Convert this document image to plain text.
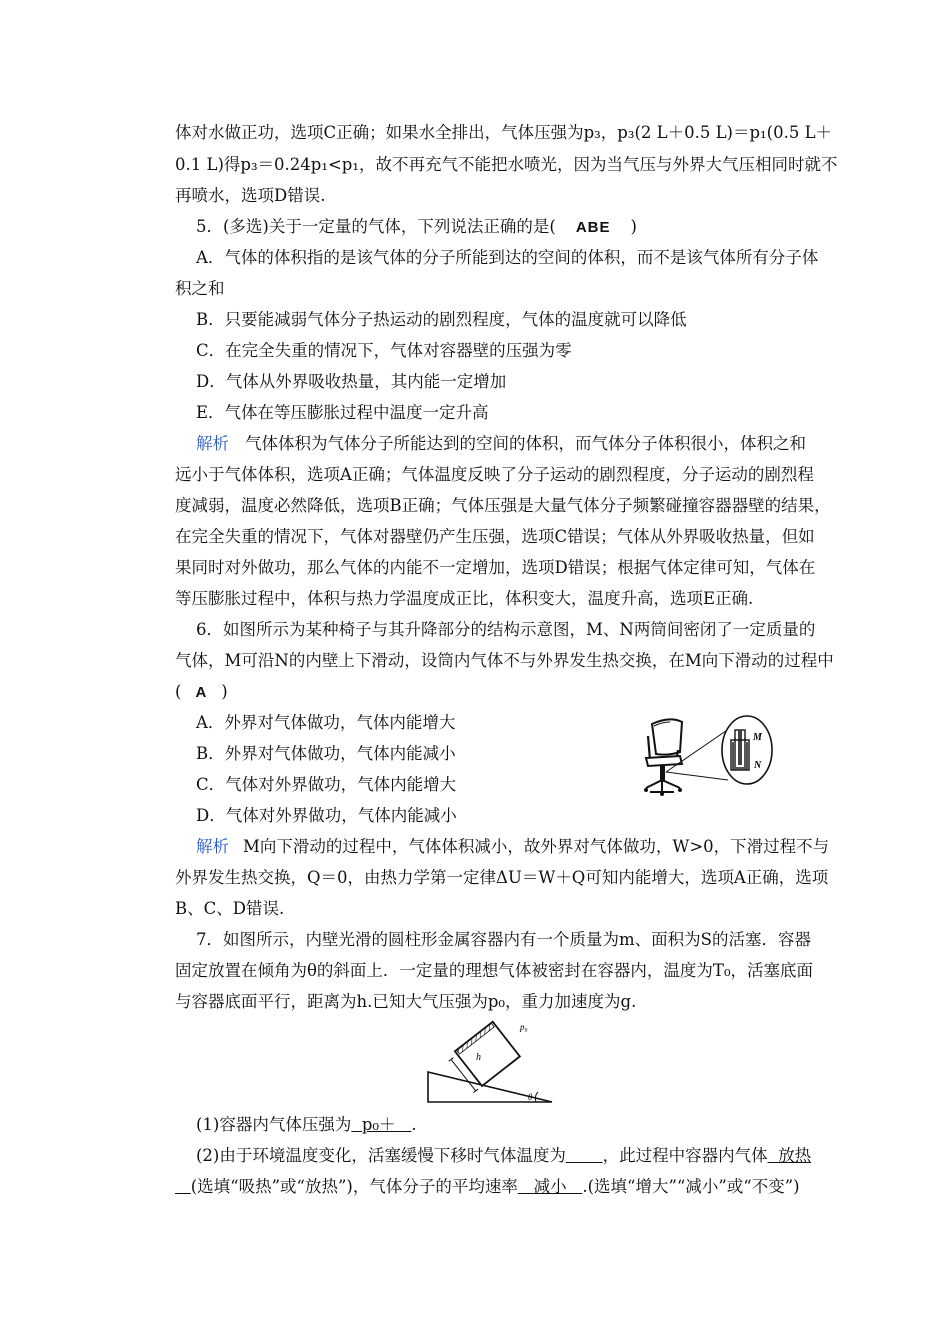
体对水做正功，选项C正确；如果水全排出，气体压强为p₃，p₃(2 L＋0.5 L)＝p₁(0.5 L＋
0.1 L)得p₃＝0.24p₁<p₁，故不再充气不能把水喷光，因为当气压与外界大气压相同时就不
再喷水，选项D错误.
5．(多选)关于一定量的气体，下列说法正确的是( ABE )
A．气体的体积指的是该气体的分子所能到达的空间的体积，而不是该气体所有分子体
积之和
B．只要能减弱气体分子热运动的剧烈程度，气体的温度就可以降低
C．在完全失重的情况下，气体对容器壁的压强为零
D．气体从外界吸收热量，其内能一定增加
E．气体在等压膨胀过程中温度一定升高
解析 气体体积为气体分子所能达到的空间的体积，而气体分子体积很小，体积之和
远小于气体体积，选项A正确；气体温度反映了分子运动的剧烈程度，分子运动的剧烈程
度减弱，温度必然降低，选项B正确；气体压强是大量气体分子频繁碰撞容器器壁的结果，
在完全失重的情况下，气体对器壁仍产生压强，选项C错误；气体从外界吸收热量，但如
果同时对外做功，那么气体的内能不一定增加，选项D错误；根据气体定律可知，气体在
等压膨胀过程中，体积与热力学温度成正比，体积变大，温度升高，选项E正确.
6．如图所示为某种椅子与其升降部分的结构示意图，M、N两筒间密闭了一定质量的
气体，M可沿N的内壁上下滑动，设筒内气体不与外界发生热交换，在M向下滑动的过程中
( A )
A．外界对气体做功，气体内能增大
B．外界对气体做功，气体内能减小
C．气体对外界做功，气体内能增大
D．气体对外界做功，气体内能减小
M
N
解析 M向下滑动的过程中，气体体积减小，故外界对气体做功，W>0，下滑过程不与
外界发生热交换，Q＝0，由热力学第一定律ΔU＝W＋Q可知内能增大，选项A正确，选项
B、C、D错误.
7．如图所示，内壁光滑的圆柱形金属容器内有一个质量为m、面积为S的活塞．容器
固定放置在倾角为θ的斜面上．一定量的理想气体被密封在容器内，温度为T₀，活塞底面
与容器底面平行，距离为h.已知大气压强为p₀，重力加速度为g.
p₀
h
θ
(1)容器内气体压强为 p₀＋ .
(2)由于环境温度变化，活塞缓慢下移时气体温度为 ，此过程中容器内气体 放热
(选填“吸热”或“放热”)，气体分子的平均速率 减小 .(选填“增大”“减小”或“不变”)
